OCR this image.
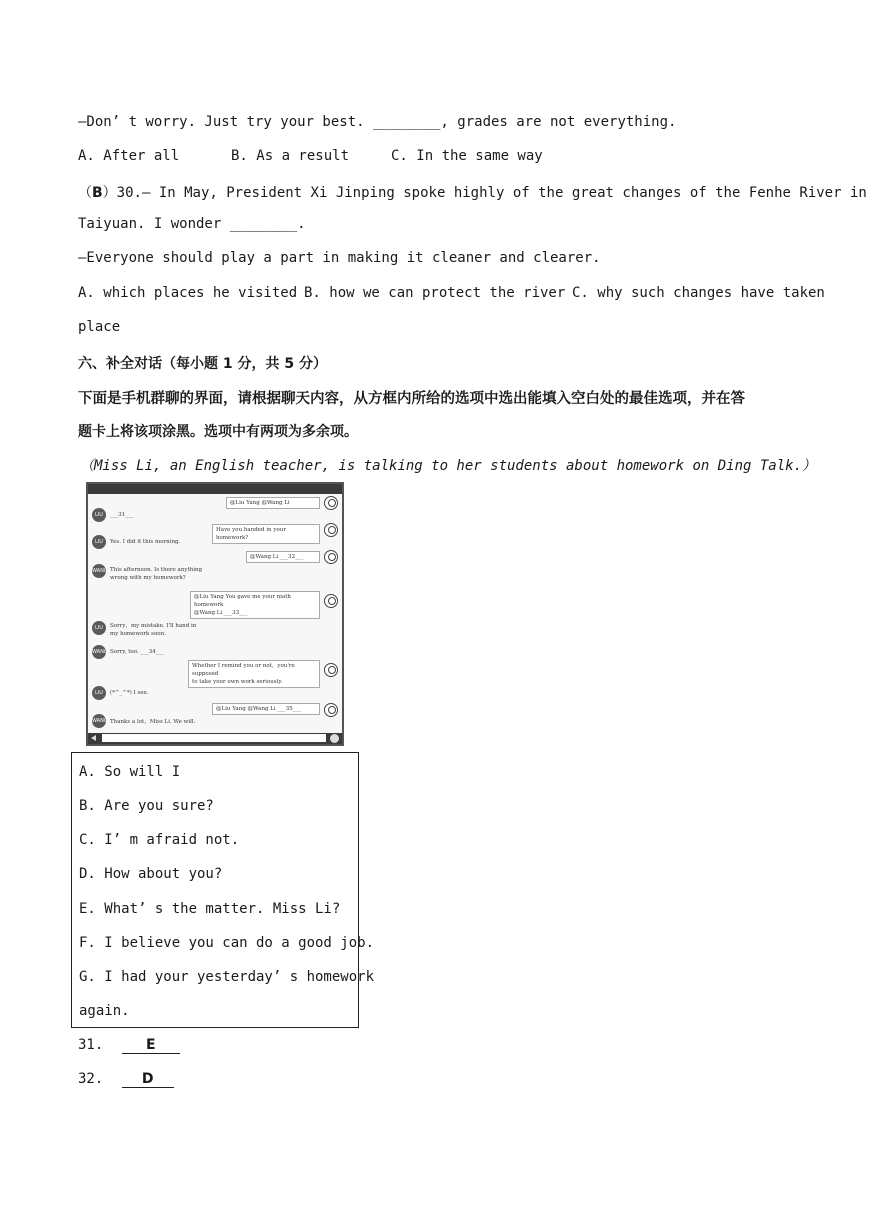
—Don’ t worry. Just try your best. ________, grades are not everything.
A. After all	B. As a result	C. In the same way
（B）30.— In May, President Xi Jinping spoke highly of the great changes of the Fenhe River in
Taiyuan. I wonder ________.
—Everyone should play a part in making it cleaner and clearer.
A. which places he visited B. how we can protect the river C. why such changes have taken
place
六、补全对话（每小题 1 分，共 5 分）
下面是手机群聊的界面，请根据聊天内容，从方框内所给的选项中选出能填入空白处的最佳选项，并在答
题卡上将该项涂黑。选项中有两项为多余项。
（Miss Li, an English teacher, is talking to her students about homework on Ding Talk.）
@Liu Yang @Wang Li
LIU	___31___
Have you handed in your homework?
LIU	Yes. I did it this morning.
@Wang Li ___32___
WANG This afternoon. Is there anything
wrong with my homework?
@Liu Yang You gave me your math homework
@Wang Li ___33___
LIU	Sorry，my mistake. I'll hand in
my homework soon.
WANG Sorry, too. ___34___
Whether I remind you or not，you're supposed
to take your own work seriously.
LIU	(*^_^*) I see.
@Liu Yang @Wang Li ___35___
WANG Thanks a lot，Miss Li. We will.
A. So will I
B. Are you sure?
C. I’ m afraid not.
D. How about you?
E. What’ s the matter. Miss Li?
F. I believe you can do a good job.
G. I had your yesterday’ s homework
again.
31.	E
32.	D
